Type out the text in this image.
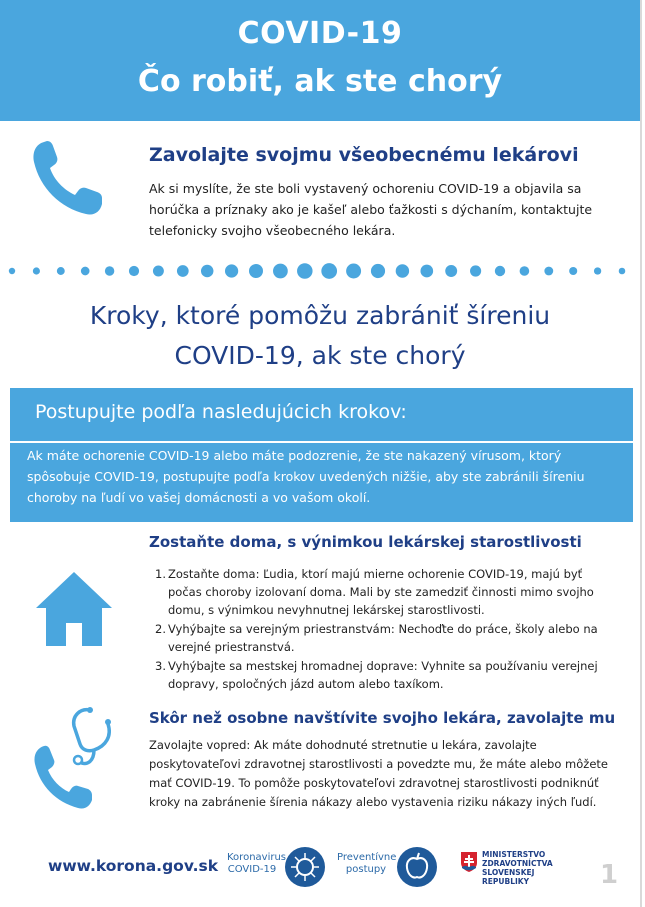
COVID-19
Čo robiť, ak ste chorý
Zavolajte svojmu všeobecnému lekárovi
Ak si myslíte, že ste boli vystavený ochoreniu COVID-19 a objavila sa horúčka a príznaky ako je kašeľ alebo ťažkosti s dýchaním, kontaktujte telefonicky svojho všeobecného lekára.
Kroky, ktoré pomôžu zabrániť šíreniu
COVID-19, ak ste chorý
Postupujte podľa nasledujúcich krokov:
Ak máte ochorenie COVID-19 alebo máte podozrenie, že ste nakazený vírusom, ktorý spôsobuje COVID-19, postupujte podľa krokov uvedených nižšie, aby ste zabránili šíreniu choroby na ľudí vo vašej domácnosti a vo vašom okolí.
Zostaňte doma, s výnimkou lekárskej starostlivosti
1. Zostaňte doma: Ľudia, ktorí majú mierne ochorenie COVID-19, majú byť počas choroby izolovaní doma. Mali by ste zamedziť činnosti mimo svojho domu, s výnimkou nevyhnutnej lekárskej starostlivosti.
2. Vyhýbajte sa verejným priestranstvám: Nechoďte do práce, školy alebo na verejné priestranstvá.
3. Vyhýbajte sa mestskej hromadnej doprave: Vyhnite sa používaniu verejnej dopravy, spoločných jázd autom alebo taxíkom.
Skôr než osobne navštívite svojho lekára, zavolajte mu
Zavolajte vopred: Ak máte dohodnuté stretnutie u lekára, zavolajte poskytovateľovi zdravotnej starostlivosti a povedzte mu, že máte alebo môžete mať COVID-19. To pomôže poskytovateľovi zdravotnej starostlivosti podniknúť kroky na zabránenie šírenia nákazy alebo vystavenia riziku nákazy iných ľudí.
www.korona.gov.sk Koronavirus COVID-19
Preventívne postupy
MINISTERSTVO ZDRAVOTNÍCTVA SLOVENSKEJ REPUBLIKY	1
